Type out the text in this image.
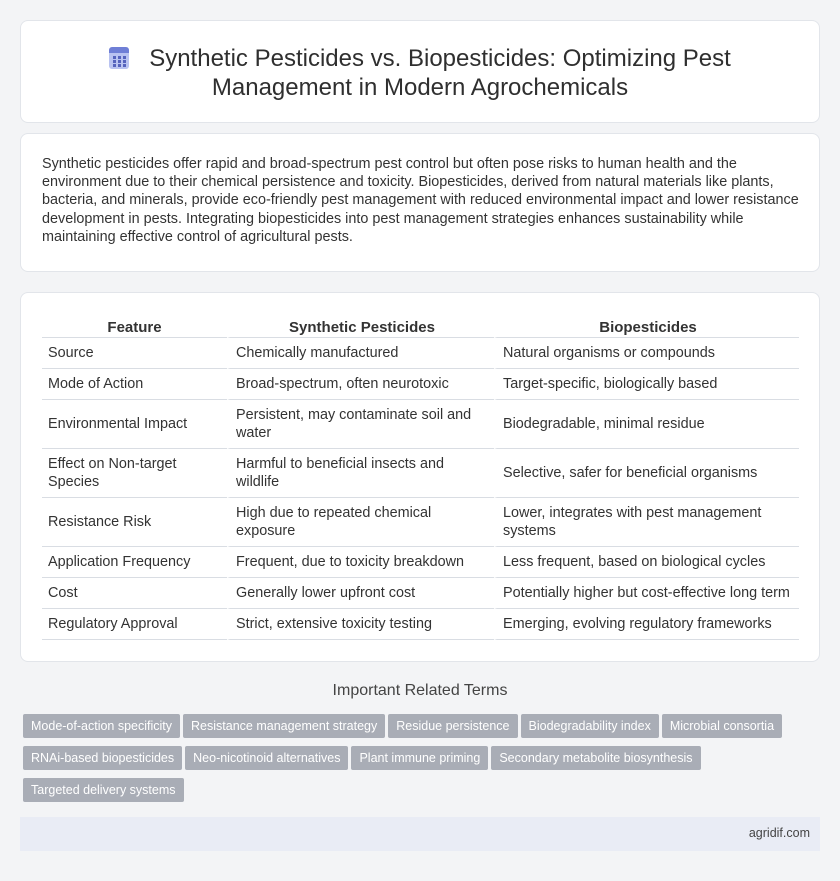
Synthetic Pesticides vs. Biopesticides: Optimizing Pest
Management in Modern Agrochemicals

Synthetic pesticides offer rapid and broad-spectrum pest control but often pose risks to human health and the environment due to their chemical persistence and toxicity. Biopesticides, derived from natural materials like plants, bacteria, and minerals, provide eco-friendly pest management with reduced environmental impact and lower resistance development in pests. Integrating biopesticides into pest management strategies enhances sustainability while maintaining effective control of agricultural pests.

Feature	Synthetic Pesticides	Biopesticides
Source	Chemically manufactured	Natural organisms or compounds
Mode of Action	Broad-spectrum, often neurotoxic	Target-specific, biologically based
Environmental Impact	Persistent, may contaminate soil and water	Biodegradable, minimal residue
Effect on Non-target Species	Harmful to beneficial insects and wildlife	Selective, safer for beneficial organisms
Resistance Risk	High due to repeated chemical exposure	Lower, integrates with pest management systems
Application Frequency	Frequent, due to toxicity breakdown	Less frequent, based on biological cycles
Cost	Generally lower upfront cost	Potentially higher but cost-effective long term
Regulatory Approval	Strict, extensive toxicity testing	Emerging, evolving regulatory frameworks
Important Related Terms
Mode-of-action specificity Resistance management strategy Residue persistence Biodegradability index Microbial consortia
RNAi-based biopesticides Neo-nicotinoid alternatives Plant immune priming Secondary metabolite biosynthesis
Targeted delivery systems
agridif.com
